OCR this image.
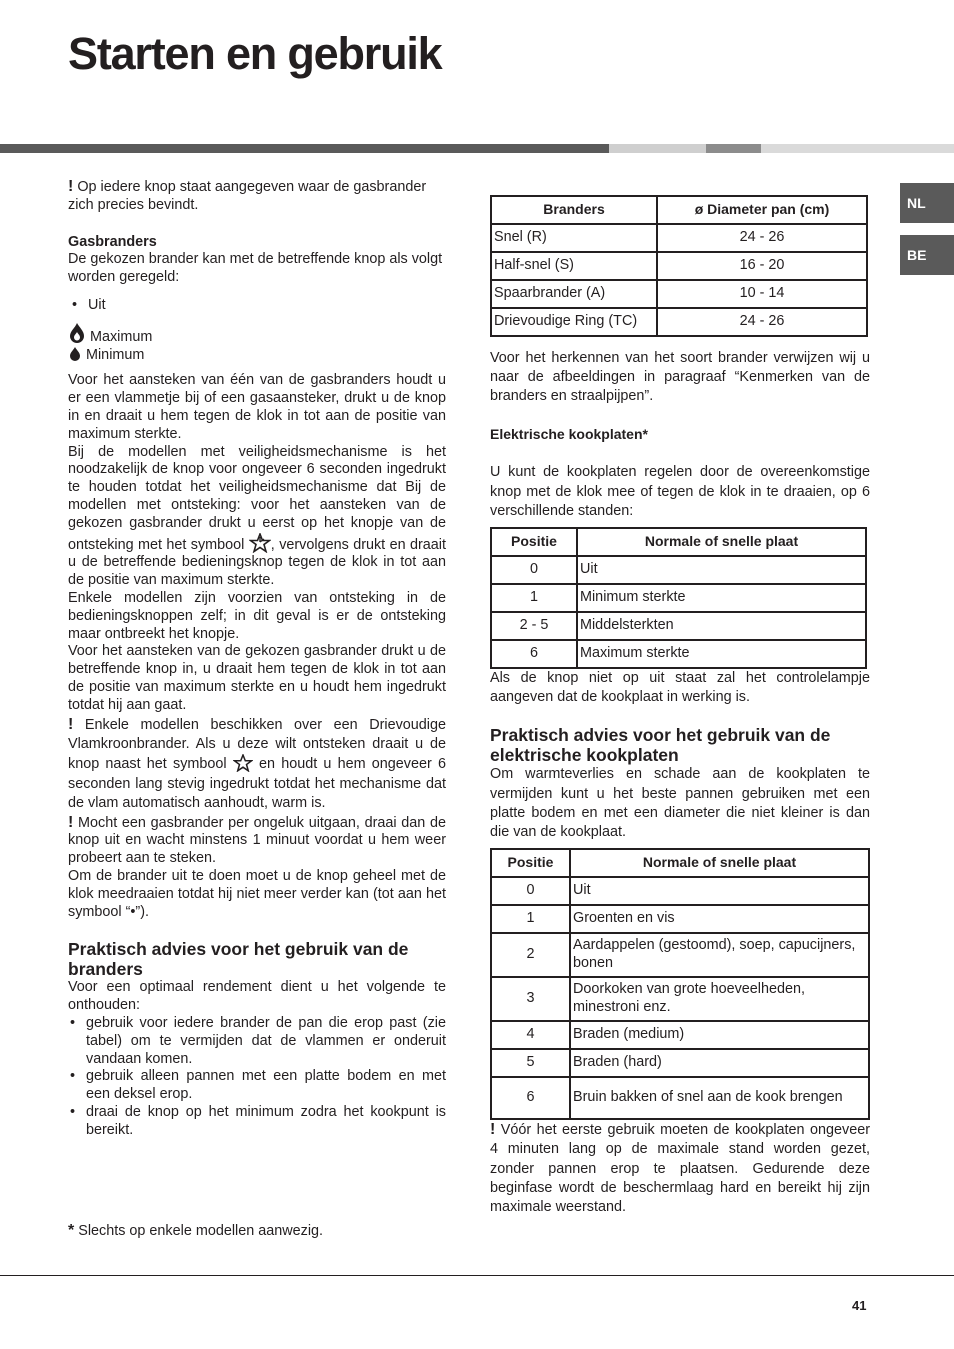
Starten en gebruik
NL
BE

! Op iedere knop staat aangegeven waar de gasbrander zich precies bevindt.

Gasbranders

De gekozen brander kan met de betreffende knop als volgt worden geregeld:

• Uit

Maximum

Minimum

Voor het aansteken van één van de gasbranders houdt u er een vlammetje bij of een gasaansteker, drukt u de knop in en draait u hem tegen de klok in tot aan de positie van maximum sterkte.

Bij de modellen met veiligheidsmechanisme is het noodzakelijk de knop voor ongeveer 6 seconden ingedrukt te houden totdat het veiligheidsmechanisme dat Bij de modellen met ontsteking: voor het aansteken van de gekozen gasbrander drukt u eerst op het knopje van de ontsteking met het symbool , vervolgens drukt en draait u de betreffende bedieningsknop tegen de klok in tot aan de positie van maximum sterkte.

Enkele modellen zijn voorzien van ontsteking in de bedieningsknoppen zelf; in dit geval is er de ontsteking maar ontbreekt het knopje.

Voor het aansteken van de gekozen gasbrander drukt u de betreffende knop in, u draait hem tegen de klok in tot aan de positie van maximum sterkte en u houdt hem ingedrukt totdat hij aan gaat.

! Enkele modellen beschikken over een Drievoudige Vlamkroonbrander. Als u deze wilt ontsteken draait u de knop naast het symbool en houdt u hem ongeveer 6 seconden lang stevig ingedrukt totdat het mechanisme dat de vlam automatisch aanhoudt, warm is.

! Mocht een gasbrander per ongeluk uitgaan, draai dan de knop uit en wacht minstens 1 minuut voordat u hem weer probeert aan te steken.

Om de brander uit te doen moet u de knop geheel met de klok meedraaien totdat hij niet meer verder kan (tot aan het symbool “•”).

Praktisch advies voor het gebruik van de branders

Voor een optimaal rendement dient u het volgende te onthouden:

• gebruik voor iedere brander de pan die erop past (zie tabel) om te vermijden dat de vlammen er onderuit vandaan komen.
• gebruik alleen pannen met een platte bodem en met een deksel erop.
• draai de knop op het minimum zodra het kookpunt is bereikt.

* Slechts op enkele modellen aanwezig.

Branders	ø Diameter pan (cm)
Snel (R)	24 - 26
Half-snel (S)	16 - 20
Spaarbrander (A)	10 - 14
Drievoudige Ring (TC)	24 - 26

Voor het herkennen van het soort brander verwijzen wij u naar de afbeeldingen in paragraaf “Kenmerken van de branders en straalpijpen”.

Elektrische kookplaten*

U kunt de kookplaten regelen door de overeenkomstige knop met de klok mee of tegen de klok in te draaien, op 6 verschillende standen:

Positie	Normale of snelle plaat
0	Uit
1	Minimum sterkte
2 - 5	Middelsterkten
6	Maximum sterkte

Als de knop niet op uit staat zal het controlelampje aangeven dat de kookplaat in werking is.

Praktisch advies voor het gebruik van de elektrische kookplaten

Om warmteverlies en schade aan de kookplaten te vermijden kunt u het beste pannen gebruiken met een platte bodem en met een diameter die niet kleiner is dan die van de kookplaat.

Positie	Normale of snelle plaat
0	Uit
1	Groenten en vis
2	Aardappelen (gestoomd), soep, capucijners, bonen
3	Doorkoken van grote hoeveelheden, minestroni enz.
4	Braden (medium)
5	Braden (hard)
6	Bruin bakken of snel aan de kook brengen

! Vóór het eerste gebruik moeten de kookplaten ongeveer 4 minuten lang op de maximale stand worden gezet, zonder pannen erop te plaatsen. Gedurende deze beginfase wordt de beschermlaag hard en bereikt hij zijn maximale weerstand.

41
